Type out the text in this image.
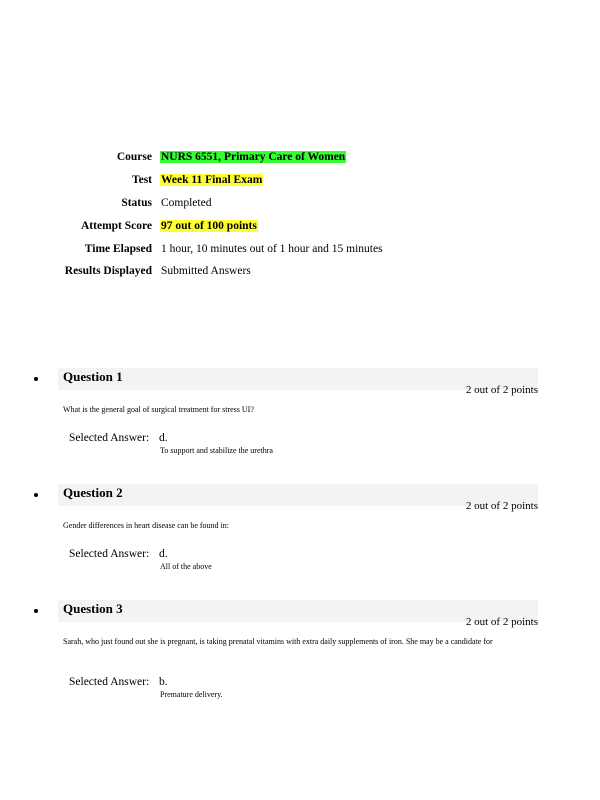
Course NURS 6551, Primary Care of Women
Test Week 11 Final Exam
Status Completed
Attempt Score 97 out of 100 points
Time Elapsed 1 hour, 10 minutes out of 1 hour and 15 minutes
Results Displayed Submitted Answers
Question 1
2 out of 2 points
What is the general goal of surgical treatment for stress UI?
Selected Answer: d.
To support and stabilize the urethra
Question 2
2 out of 2 points
Gender differences in heart disease can be found in:
Selected Answer: d.
All of the above
Question 3
2 out of 2 points
Sarah, who just found out she is pregnant, is taking prenatal vitamins with extra daily supplements of iron. She may be a candidate for
Selected Answer: b.
Premature delivery.
